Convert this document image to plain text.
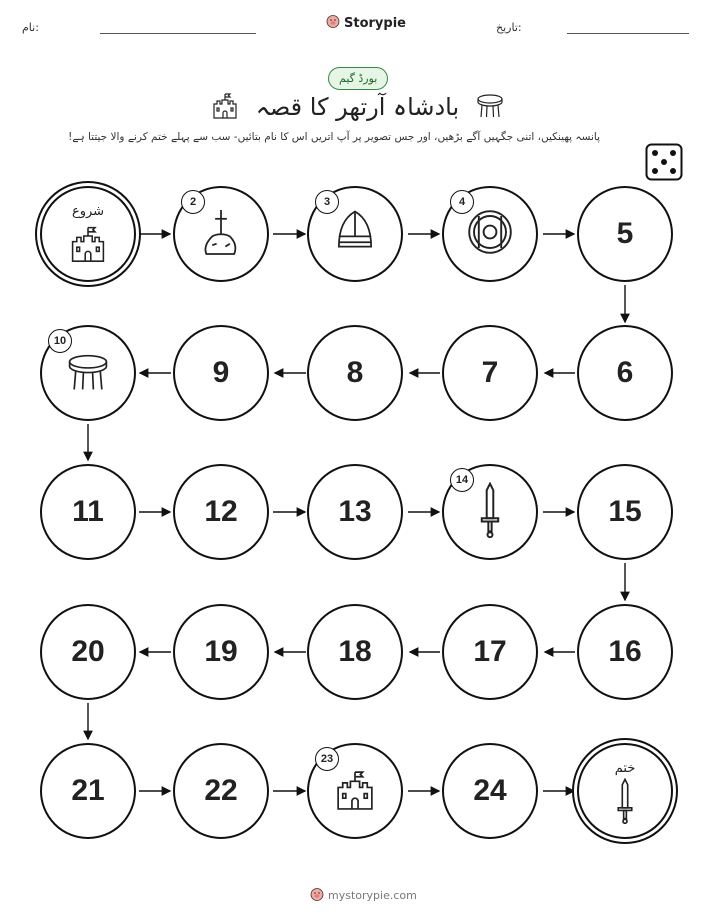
تاریخ:
Storypie
نام:
بورڈ گیم
بادشاہ آرتھر کا قصہ
پانسہ پھینکیں، اتنی جگہیں آگے بڑھیں، اور جس تصویر پر آپ اتریں اس کا نام بتائیں- سب سے پہلے ختم کرنے والا جیتتا ہے!
شروع
2	3	4
5
10
9	8	7	6
11	12	13
14
15
20	19	18	17	16
21	22
23
24
ختم
mystorypie.com
